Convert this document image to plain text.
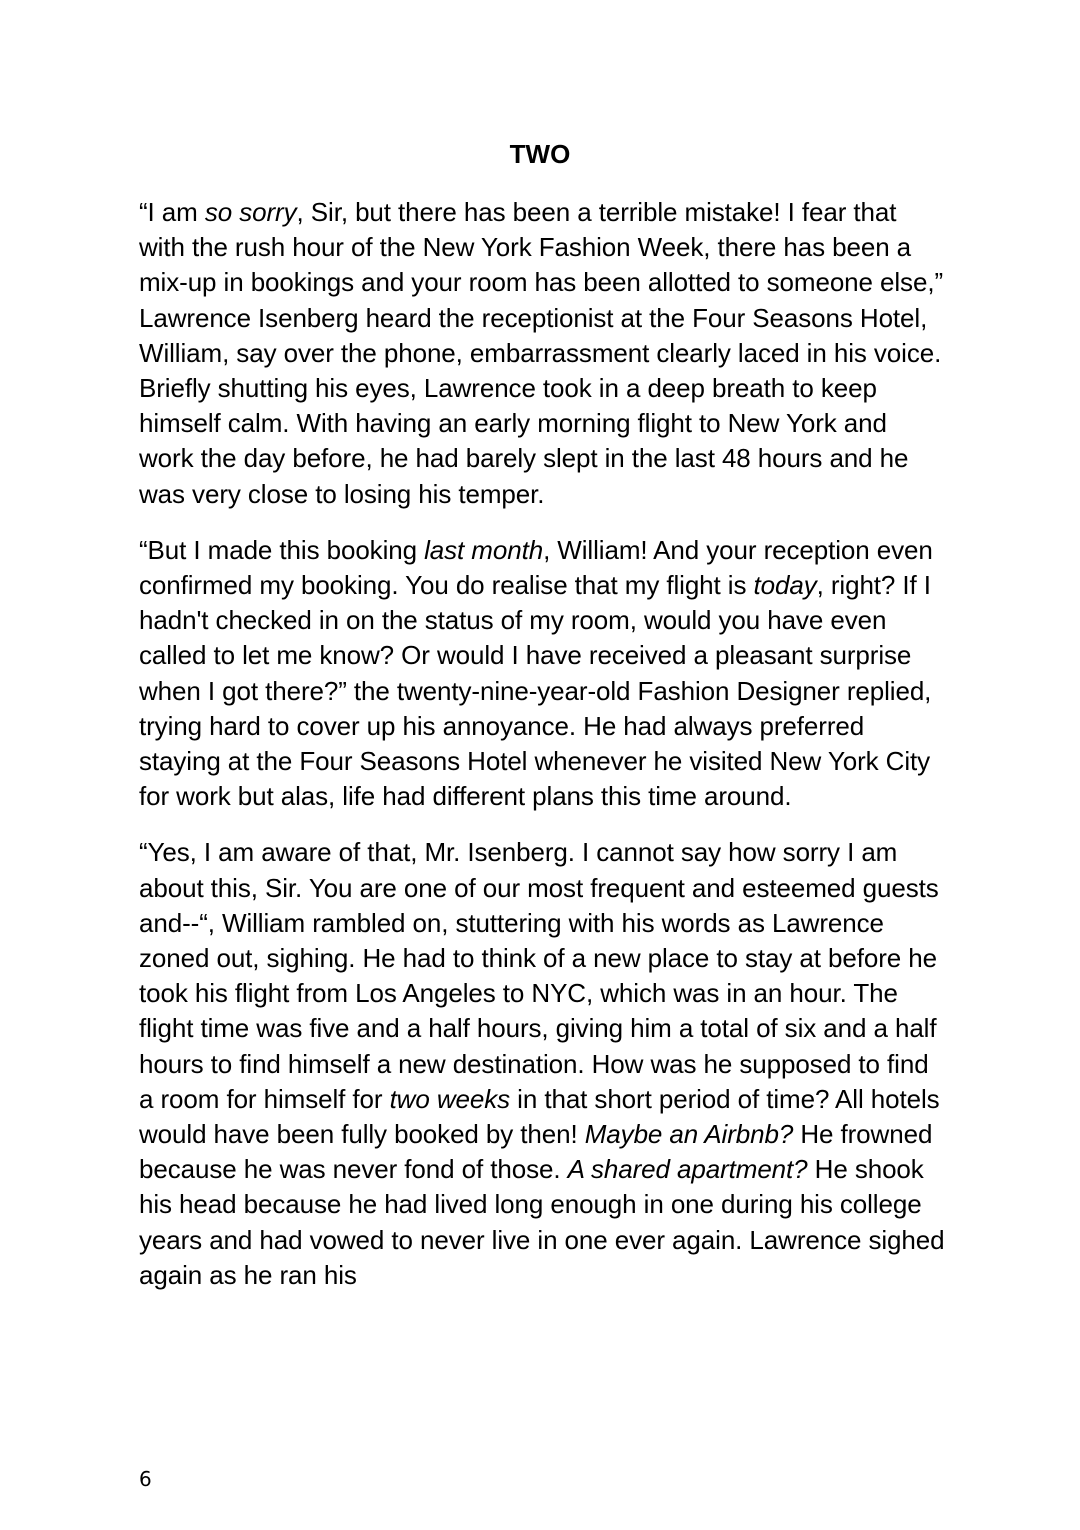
TWO

“I am so sorry, Sir, but there has been a terrible mistake! I fear that with the rush hour of the New York Fashion Week, there has been a mix-up in bookings and your room has been allotted to someone else,” Lawrence Isenberg heard the receptionist at the Four Seasons Hotel, William, say over the phone, embarrassment clearly laced in his voice. Briefly shutting his eyes, Lawrence took in a deep breath to keep himself calm. With having an early morning flight to New York and work the day before, he had barely slept in the last 48 hours and he was very close to losing his temper.

“But I made this booking last month, William! And your reception even confirmed my booking. You do realise that my flight is today, right? If I hadn't checked in on the status of my room, would you have even called to let me know? Or would I have received a pleasant surprise when I got there?” the twenty-nine-year-old Fashion Designer replied, trying hard to cover up his annoyance. He had always preferred staying at the Four Seasons Hotel whenever he visited New York City for work but alas, life had different plans this time around.

“Yes, I am aware of that, Mr. Isenberg. I cannot say how sorry I am about this, Sir. You are one of our most frequent and esteemed guests and--“, William rambled on, stuttering with his words as Lawrence zoned out, sighing. He had to think of a new place to stay at before he took his flight from Los Angeles to NYC, which was in an hour. The flight time was five and a half hours, giving him a total of six and a half hours to find himself a new destination. How was he supposed to find a room for himself for two weeks in that short period of time? All hotels would have been fully booked by then! Maybe an Airbnb? He frowned because he was never fond of those. A shared apartment? He shook his head because he had lived long enough in one during his college years and had vowed to never live in one ever again. Lawrence sighed again as he ran his

6
